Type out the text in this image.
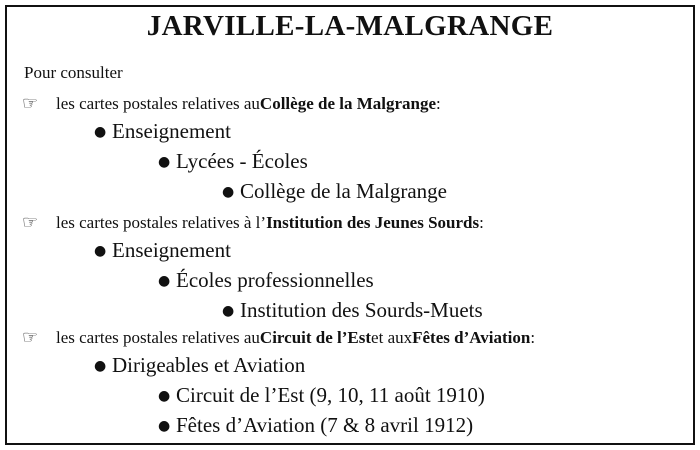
JARVILLE-LA-MALGRANGE
Pour consulter
☞	les cartes postales relatives au Collège de la Malgrange :
● Enseignement
● Lycées - Écoles
● Collège de la Malgrange
☞	les cartes postales relatives à l’ Institution des Jeunes Sourds :
● Enseignement
● Écoles professionnelles
● Institution des Sourds-Muets
☞	les cartes postales relatives au Circuit de l’Est et aux Fêtes d’Aviation :
● Dirigeables et Aviation
● Circuit de l’Est (9, 10, 11 août 1910)
● Fêtes d’Aviation (7 & 8 avril 1912)
